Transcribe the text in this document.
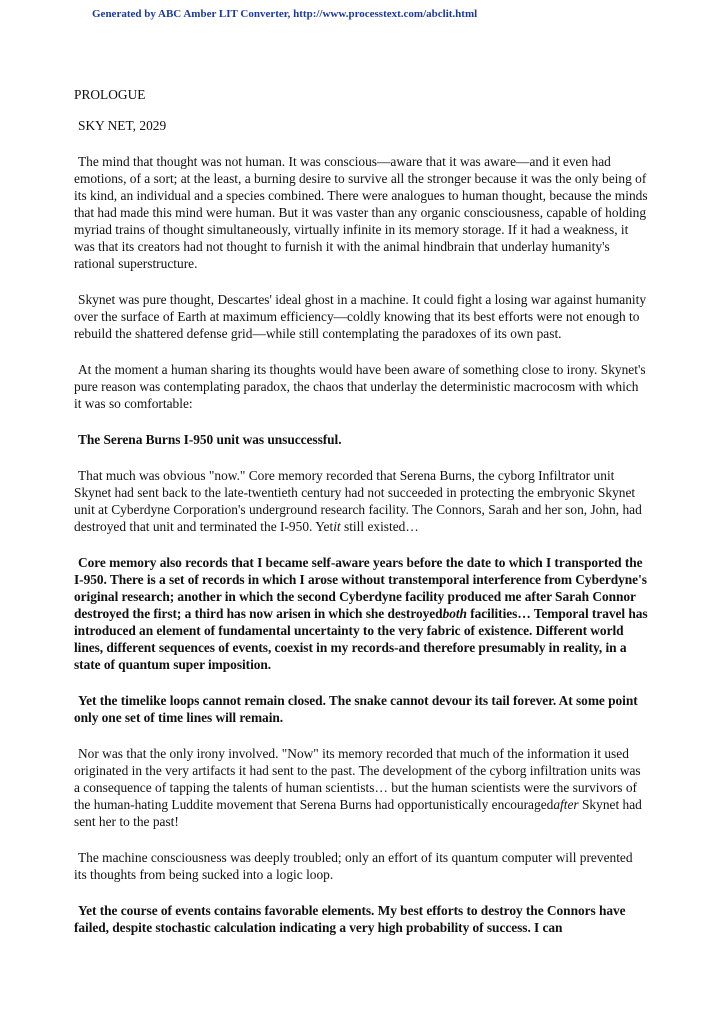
Generated by ABC Amber LIT Converter, http://www.processtext.com/abclit.html
PROLOGUE
SKY NET, 2029
The mind that thought was not human. It was conscious—aware that it was aware—and it even had emotions, of a sort; at the least, a burning desire to survive all the stronger because it was the only being of its kind, an individual and a species combined. There were analogues to human thought, because the minds that had made this mind were human. But it was vaster than any organic consciousness, capable of holding myriad trains of thought simultaneously, virtually infinite in its memory storage. If it had a weakness, it was that its creators had not thought to furnish it with the animal hindbrain that underlay humanity's rational superstructure.
Skynet was pure thought, Descartes' ideal ghost in a machine. It could fight a losing war against humanity over the surface of Earth at maximum efficiency—coldly knowing that its best efforts were not enough to rebuild the shattered defense grid—while still contemplating the paradoxes of its own past.
At the moment a human sharing its thoughts would have been aware of something close to irony. Skynet's pure reason was contemplating paradox, the chaos that underlay the deterministic macrocosm with which it was so comfortable:
The Serena Burns I-950 unit was unsuccessful.
That much was obvious "now." Core memory recorded that Serena Burns, the cyborg Infiltrator unit Skynet had sent back to the late-twentieth century had not succeeded in protecting the embryonic Skynet unit at Cyberdyne Corporation's underground research facility. The Connors, Sarah and her son, John, had destroyed that unit and terminated the I-950. Yetit still existed…
Core memory also records that I became self-aware years before the date to which I transported the I-950. There is a set of records in which I arose without transtemporal interference from Cyberdyne's original research; another in which the second Cyberdyne facility produced me after Sarah Connor destroyed the first; a third has now arisen in which she destroyedboth facilities… Temporal travel has introduced an element of fundamental uncertainty to the very fabric of existence. Different world lines, different sequences of events, coexist in my records-and therefore presumably in reality, in a state of quantum super imposition.
Yet the timelike loops cannot remain closed. The snake cannot devour its tail forever. At some point only one set of time lines will remain.
Nor was that the only irony involved. "Now" its memory recorded that much of the information it used originated in the very artifacts it had sent to the past. The development of the cyborg infiltration units was a consequence of tapping the talents of human scientists… but the human scientists were the survivors of the human-hating Luddite movement that Serena Burns had opportunistically encouragedafter Skynet had sent her to the past!
The machine consciousness was deeply troubled; only an effort of its quantum computer will prevented its thoughts from being sucked into a logic loop.
Yet the course of events contains favorable elements. My best efforts to destroy the Connors have failed, despite stochastic calculation indicating a very high probability of success. I can
